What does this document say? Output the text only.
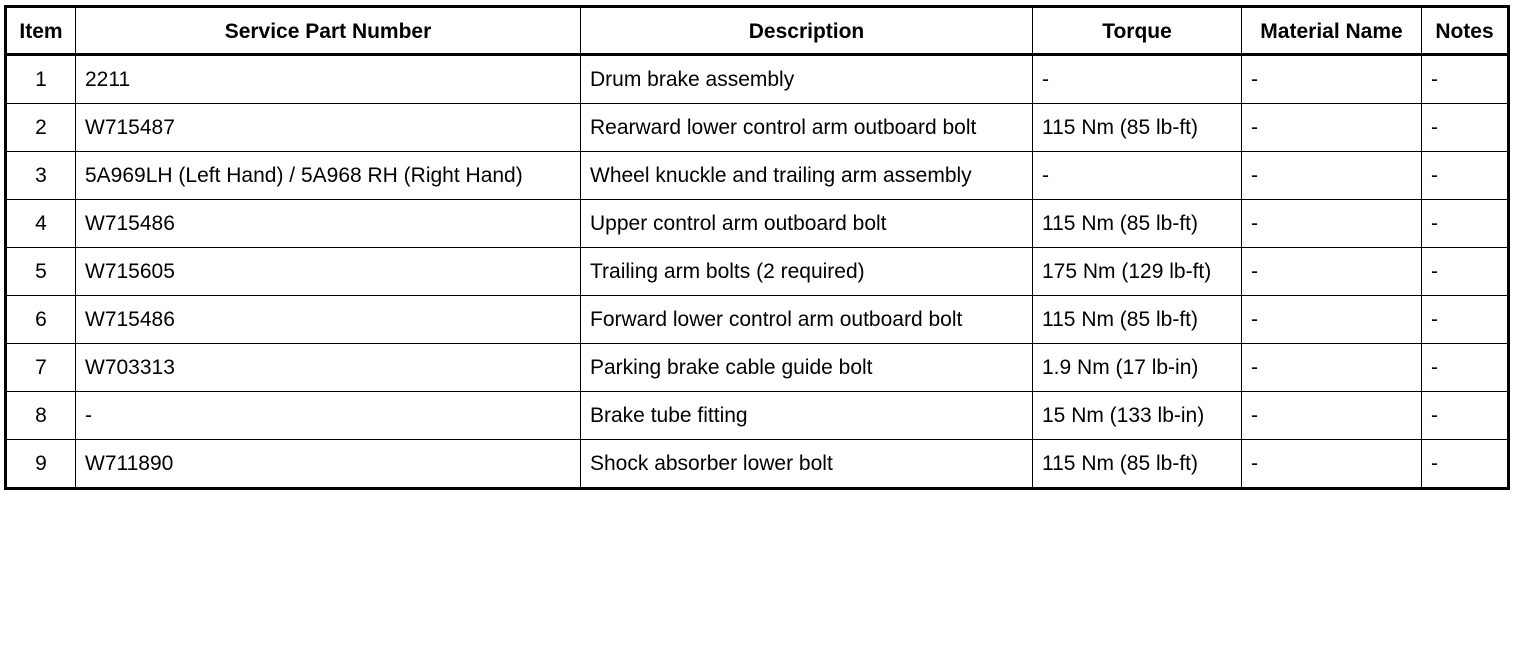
Item	Service Part Number	Description	Torque	Material Name	Notes
1	2211	Drum brake assembly	-	-	-
2	W715487	Rearward lower control arm outboard bolt	115 Nm (85 lb-ft)	-	-
3	5A969LH (Left Hand) / 5A968 RH (Right Hand)	Wheel knuckle and trailing arm assembly	-	-	-
4	W715486	Upper control arm outboard bolt	115 Nm (85 lb-ft)	-	-
5	W715605	Trailing arm bolts (2 required)	175 Nm (129 lb-ft)	-	-
6	W715486	Forward lower control arm outboard bolt	115 Nm (85 lb-ft)	-	-
7	W703313	Parking brake cable guide bolt	1.9 Nm (17 lb-in)	-	-
8	-	Brake tube fitting	15 Nm (133 lb-in)	-	-
9	W711890	Shock absorber lower bolt	115 Nm (85 lb-ft)	-	-
